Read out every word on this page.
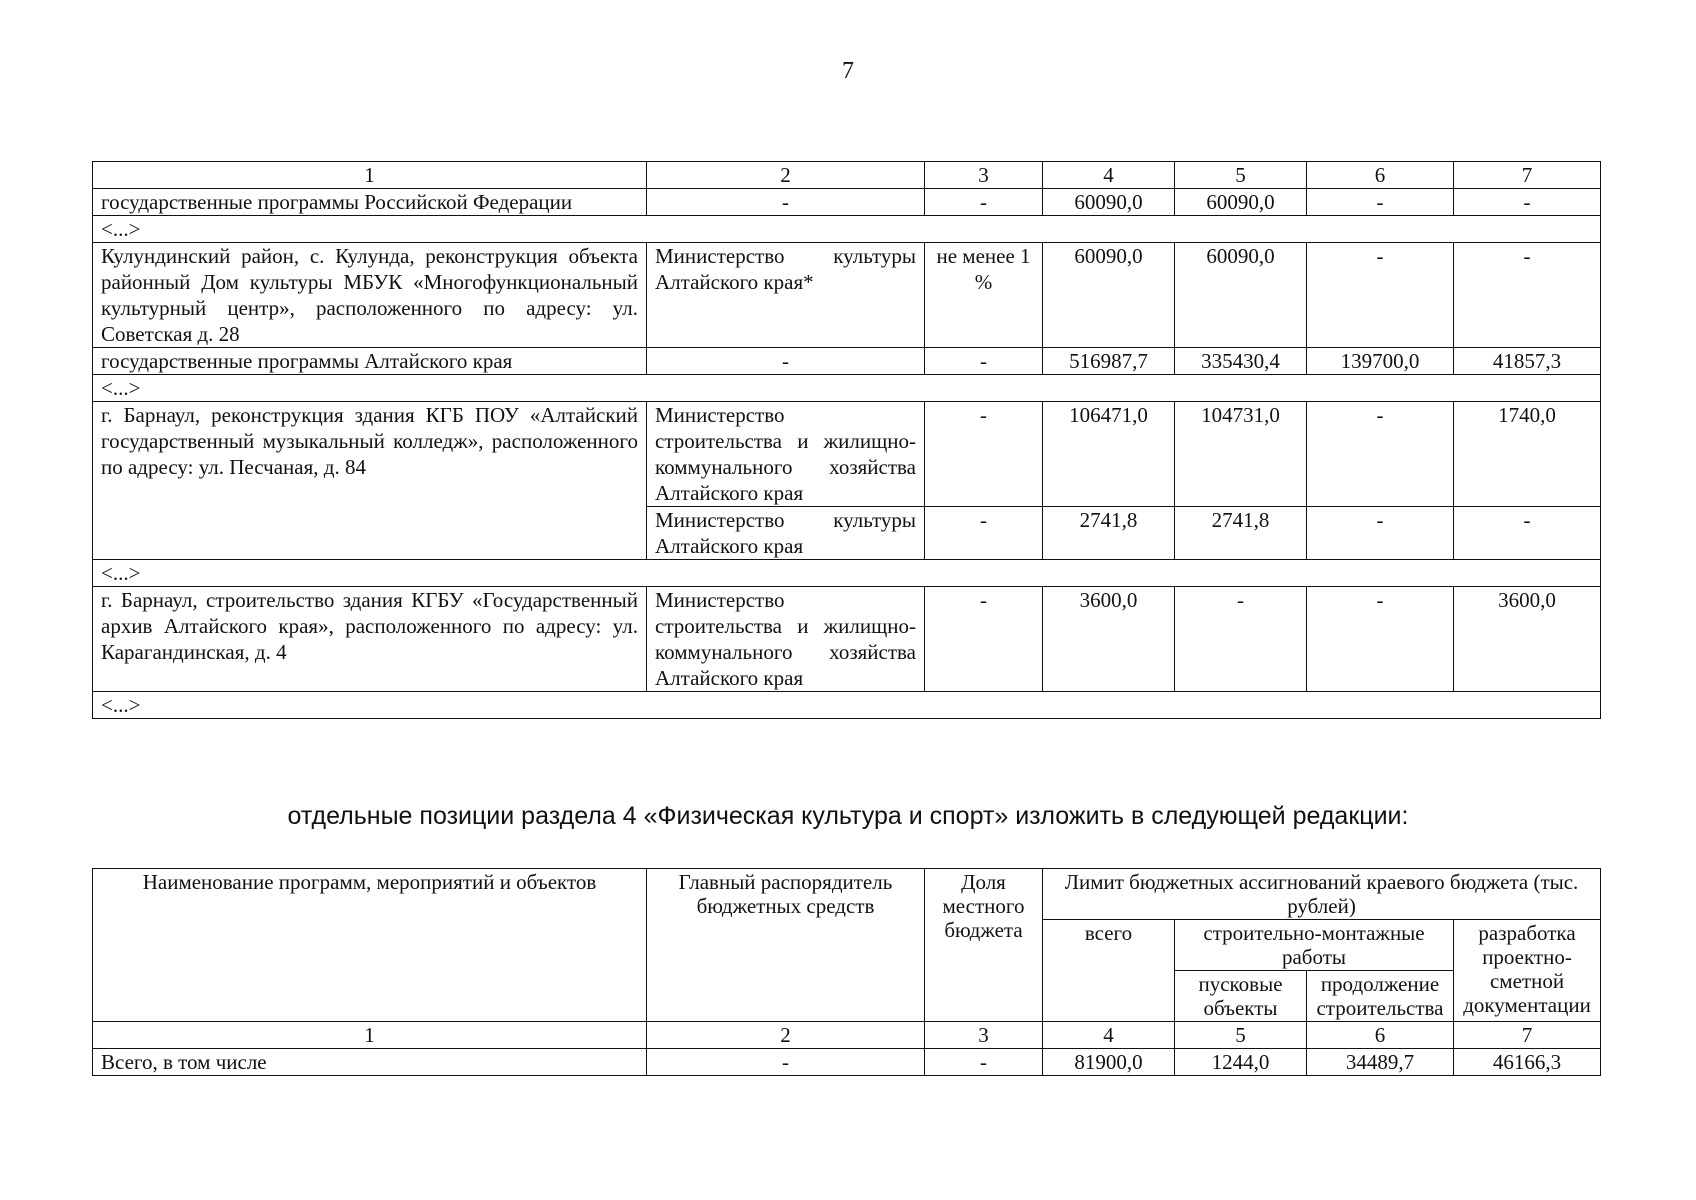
7
1	2	3	4	5	6	7
государственные программы Российской Федерации	-	-	60090,0	60090,0	-	-
<...>						
Кулундинский район, с. Кулунда, реконструкция объекта районный Дом культуры МБУК «Многофункциональный культурный центр», расположенного по адресу: ул. Советская д. 28	Министерство культуры Алтайского края*	не менее 1 %	60090,0	60090,0	-	-
государственные программы Алтайского края	-	-	516987,7	335430,4	139700,0	41857,3
<...>						
г. Барнаул, реконструкция здания КГБ ПОУ «Алтайский государственный музыкальный колледж», расположенного по адресу: ул. Песчаная, д. 84	Министерство строительства и жилищно-коммунального хозяйства Алтайского края	-	106471,0	104731,0	-	1740,0
	Министерство культуры Алтайского края	-	2741,8	2741,8	-	-
<...>						
г. Барнаул, строительство здания КГБУ «Государственный архив Алтайского края», расположенного по адресу: ул. Карагандинская, д. 4	Министерство строительства и жилищно-коммунального хозяйства Алтайского края	-	3600,0	-	-	3600,0
<...>						
отдельные позиции раздела 4 «Физическая культура и спорт» изложить в следующей редакции:
Наименование программ, мероприятий и объектов	Главный распорядитель бюджетных средств	Доля местного бюджета	Лимит бюджетных ассигнований краевого бюджета (тыс. рублей)			
			всего	строительно-монтажные работы		разработка проектно-сметной документации
				пусковые объекты	продолжение строительства	
1	2	3	4	5	6	7
Всего, в том числе	-	-	81900,0	1244,0	34489,7	46166,3
